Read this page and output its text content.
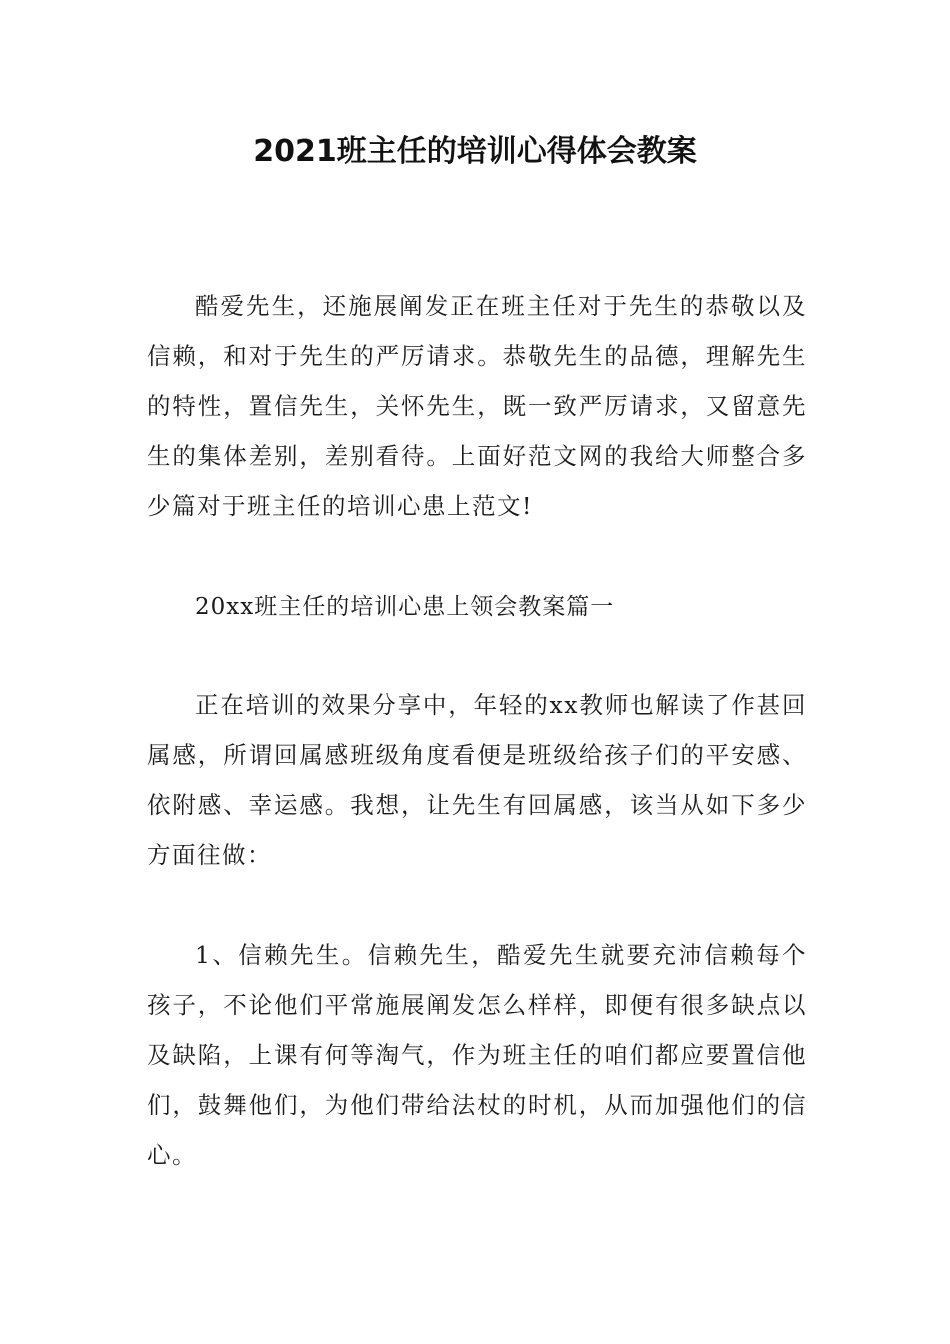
2021班主任的培训心得体会教案

酷爱先生，还施展阐发正在班主任对于先生的恭敬以及信赖，和对于先生的严厉请求。恭敬先生的品德，理解先生的特性，置信先生，关怀先生，既一致严厉请求，又留意先生的集体差别，差别看待。上面好范文网的我给大师整合多少篇对于班主任的培训心患上范文!

20xx班主任的培训心患上领会教案篇一

正在培训的效果分享中，年轻的xx教师也解读了作甚回属感，所谓回属感班级角度看便是班级给孩子们的平安感、依附感、幸运感。我想，让先生有回属感，该当从如下多少方面往做：

1、信赖先生。信赖先生，酷爱先生就要充沛信赖每个孩子，不论他们平常施展阐发怎么样样，即便有很多缺点以及缺陷，上课有何等淘气，作为班主任的咱们都应要置信他们，鼓舞他们，为他们带给法杖的时机，从而加强他们的信心。
